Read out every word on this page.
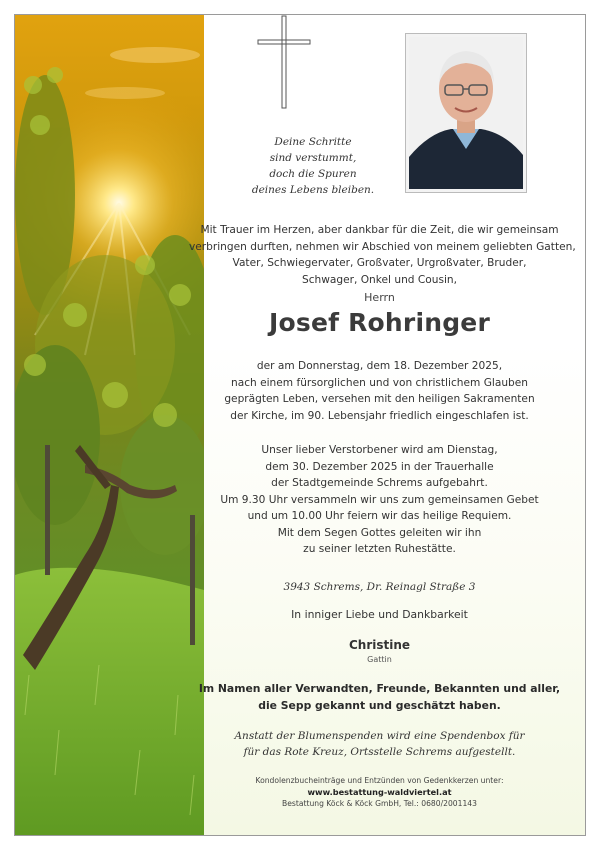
Deine Schritte
sind verstummt,
doch die Spuren
deines Lebens bleiben.
Mit Trauer im Herzen, aber dankbar für die Zeit, die wir gemeinsam
verbringen durften, nehmen wir Abschied von meinem geliebten Gatten,
Vater, Schwiegervater, Großvater, Urgroßvater, Bruder,
Schwager, Onkel und Cousin,
Herrn
Josef Rohringer
der am Donnerstag, dem 18. Dezember 2025,
nach einem fürsorglichen und von christlichem Glauben
geprägten Leben, versehen mit den heiligen Sakramenten
der Kirche, im 90. Lebensjahr friedlich eingeschlafen ist.
Unser lieber Verstorbener wird am Dienstag,
dem 30. Dezember 2025 in der Trauerhalle
der Stadtgemeinde Schrems aufgebahrt.
Um 9.30 Uhr versammeln wir uns zum gemeinsamen Gebet
und um 10.00 Uhr feiern wir das heilige Requiem.
Mit dem Segen Gottes geleiten wir ihn
zu seiner letzten Ruhestätte.
3943 Schrems, Dr. Reinagl Straße 3
In inniger Liebe und Dankbarkeit
Christine
Gattin
Im Namen aller Verwandten, Freunde, Bekannten und aller,
die Sepp gekannt und geschätzt haben.
Anstatt der Blumenspenden wird eine Spendenbox für
für das Rote Kreuz, Ortsstelle Schrems aufgestellt.
Kondolenzbucheinträge und Entzünden von Gedenkkerzen unter:
www.bestattung-waldviertel.at
Bestattung Köck & Köck GmbH, Tel.: 0680/2001143
